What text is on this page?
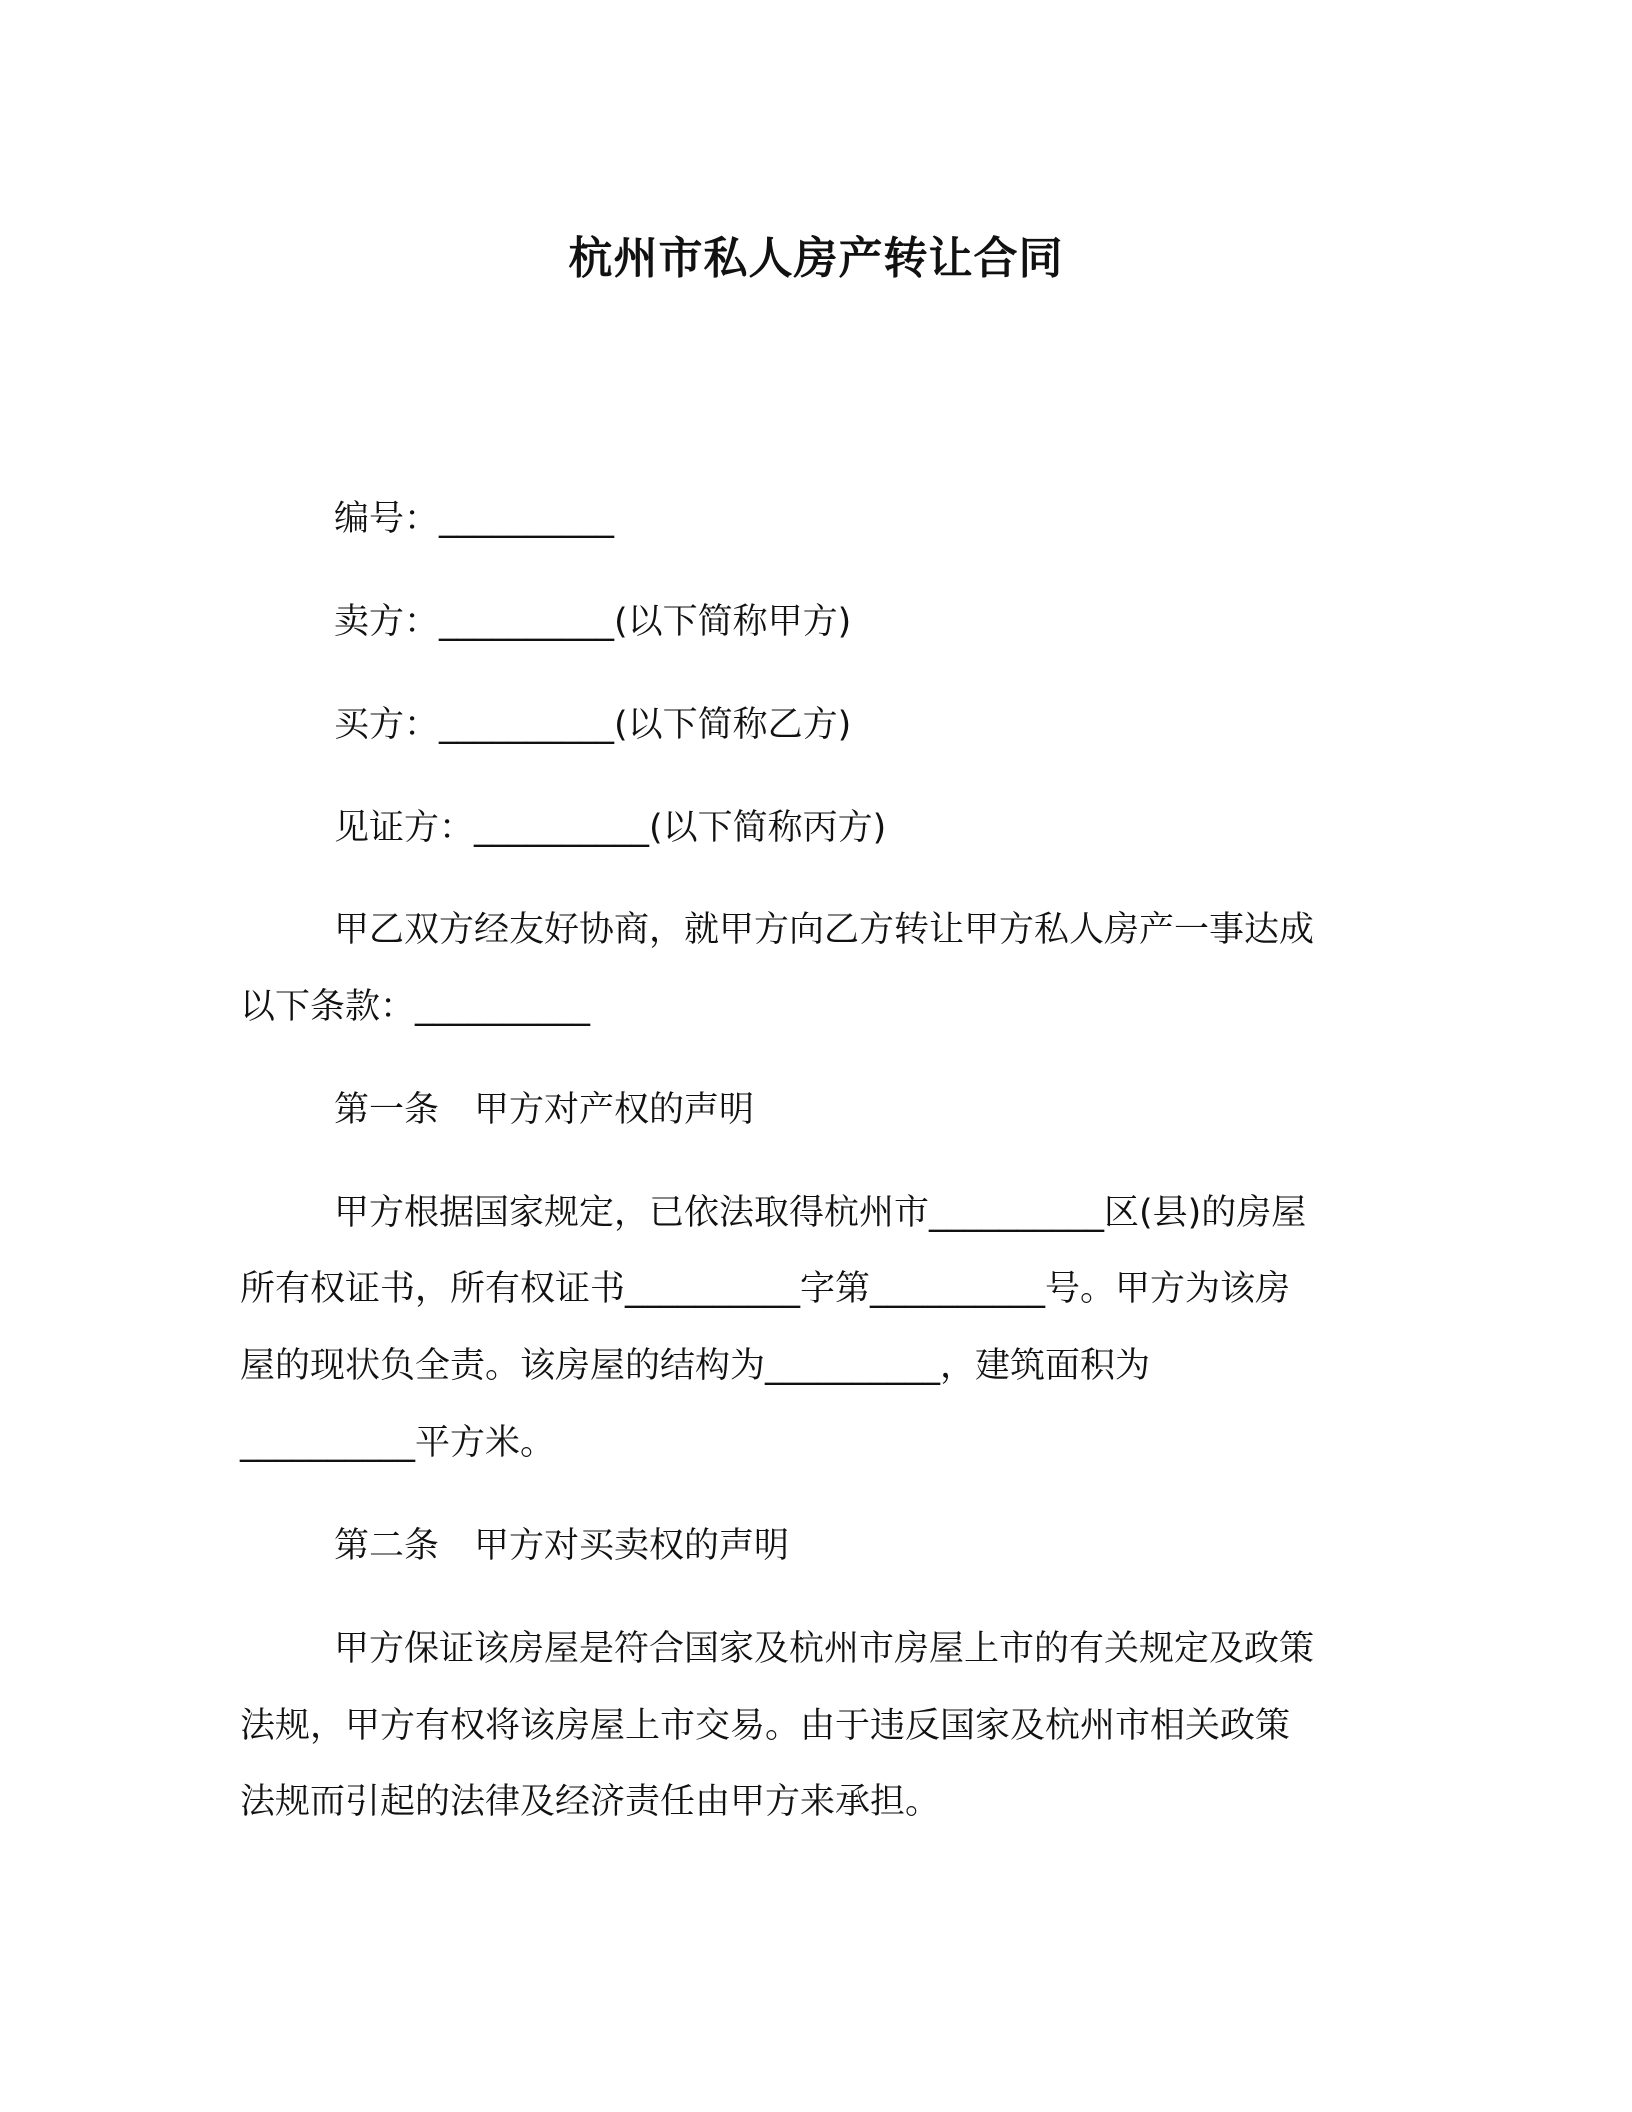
杭州市私人房产转让合同

编号：__________

卖方：__________(以下简称甲方)

买方：__________(以下简称乙方)

见证方：__________(以下简称丙方)

甲乙双方经友好协商，就甲方向乙方转让甲方私人房产一事达成

以下条款：__________

第一条　甲方对产权的声明

甲方根据国家规定，已依法取得杭州市__________区(县)的房屋

所有权证书，所有权证书__________字第__________号。甲方为该房

屋的现状负全责。该房屋的结构为__________，建筑面积为

__________平方米。

第二条　甲方对买卖权的声明

甲方保证该房屋是符合国家及杭州市房屋上市的有关规定及政策

法规，甲方有权将该房屋上市交易。由于违反国家及杭州市相关政策

法规而引起的法律及经济责任由甲方来承担。
